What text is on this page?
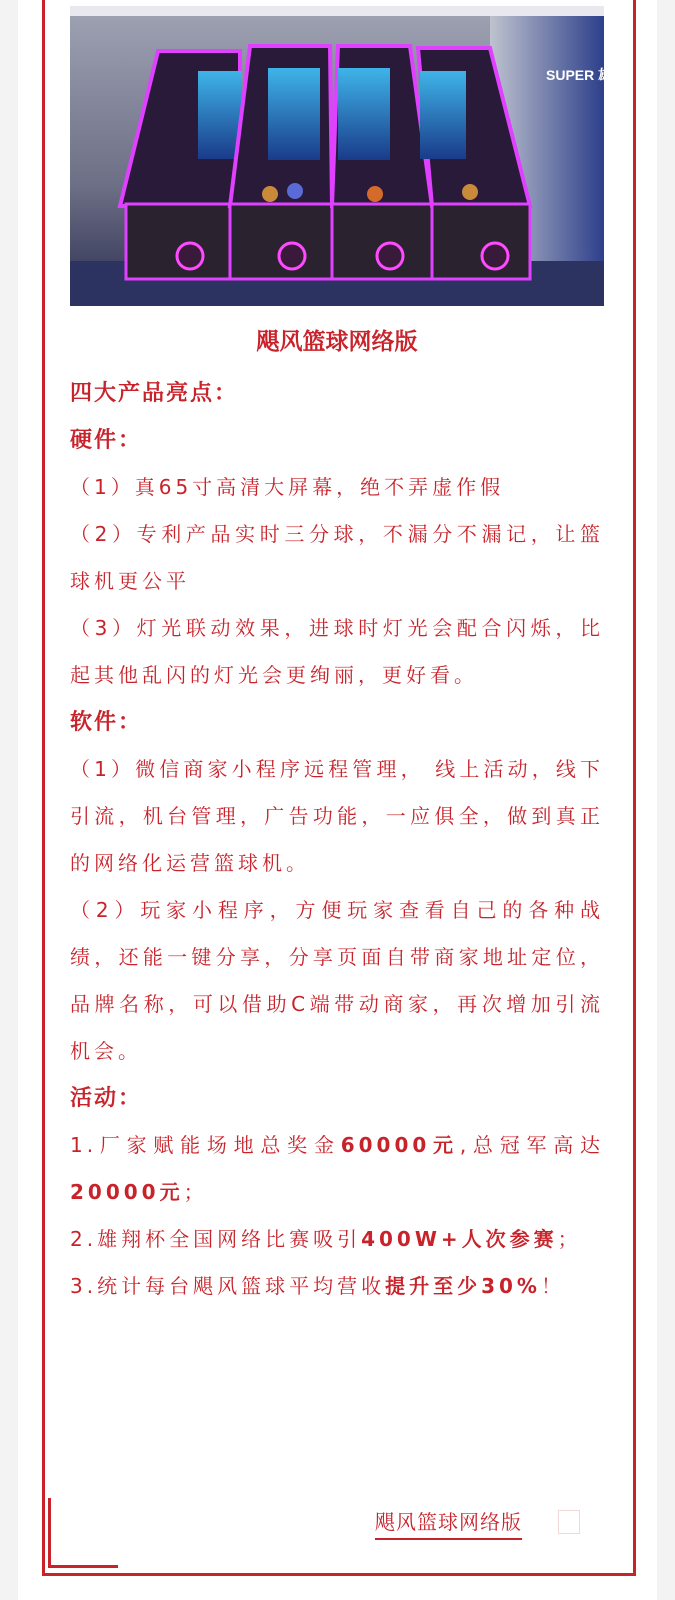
SUPER 雄翔
飓风篮球网络版

四大产品亮点：

硬件：

（1）真65寸高清大屏幕，绝不弄虚作假

（2）专利产品实时三分球，不漏分不漏记，让篮球机更公平

（3）灯光联动效果，进球时灯光会配合闪烁，比起其他乱闪的灯光会更绚丽，更好看。

软件：

（1）微信商家小程序远程管理， 线上活动，线下引流，机台管理，广告功能，一应俱全，做到真正的网络化运营篮球机。

（2）玩家小程序，方便玩家查看自己的各种战绩，还能一键分享，分享页面自带商家地址定位，品牌名称，可以借助C端带动商家，再次增加引流机会。

活动：

1.厂家赋能场地总奖金60000元,总冠军高达20000元；

2.雄翔杯全国网络比赛吸引400W+人次参赛；

3.统计每台飓风篮球平均营收提升至少30%！

飓风篮球网络版
